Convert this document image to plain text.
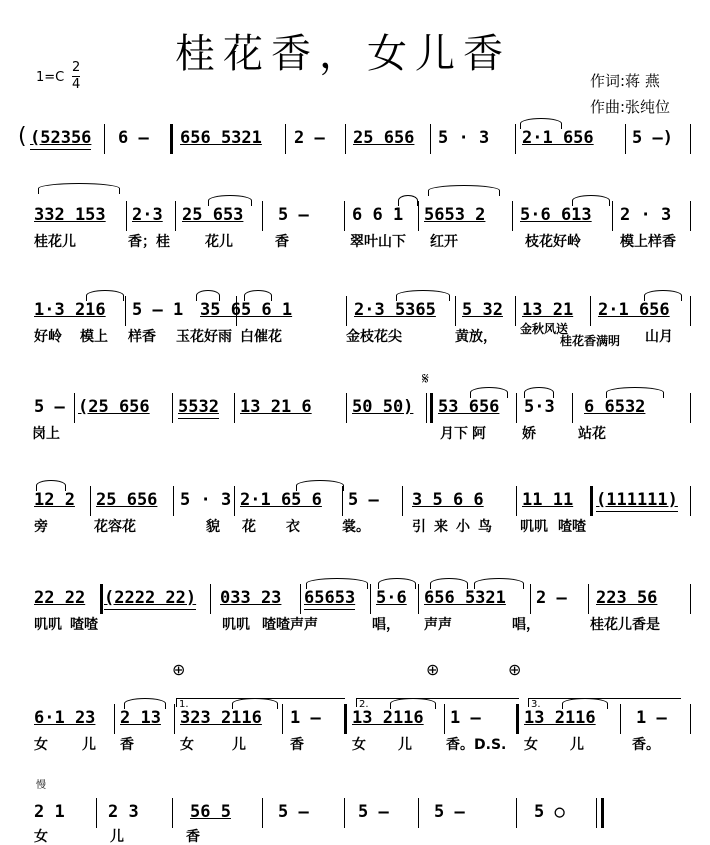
桂花香，女儿香
$1=C \frac{2}{4}$	作词:蒋 燕
作曲:张纯位
( (52356 6 – 656 5321 2 – 25 656 5 · 3 2·1 656 5 –)
332 153 2·3 25 653 5 –	6 6 1 5653 2 5·6 613 2 · 3
桂花儿	香；桂	花儿	香	翠叶山下 红开	枝花好岭	模上样香
1·3 216 5 – 1 35 65 6 1	2·3 5365 5 32 13 21 2·1 656
好岭 模上 样香 玉花好雨 白催花	金枝花尖	黄放， 金秋风送
桂花香满明 山月
𝄋
5 – (25 656 5532 13 21 6 50 50) 53 656 5·3 6 6532
岗上	月下 阿	娇	站花
12 2 25 656 5 · 3 2·1 65 6 5 – 3 5 6 6 11 11 (111111)
旁	花容花	貌 花 衣	裳。	引来小鸟 叽叽 喳喳
22 22 (2222 22) 033 23 65653 5·6 656 5321 2 – 223 56
叽叽 喳喳	叽叽 喳喳声声	唱， 声声	唱，	桂花儿香是
⊕	⊕	⊕
1.	2.	3.
6·1 23 2 13 323 2116 1 – 13 2116 1 –	13 2116 1 –
女 儿 香	女	儿	香	女 儿 香。D.S. 女 儿	香。
慢
2 1	2 3	56 5	5 –	5 –	5 –	5 ○
女	儿	香
